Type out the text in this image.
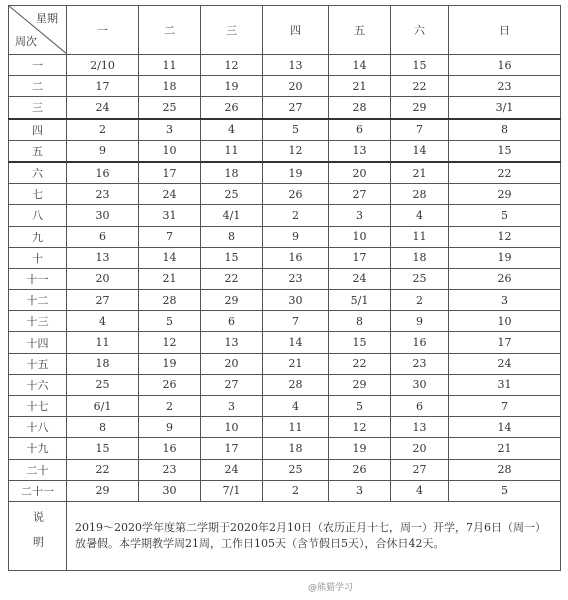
星期
周次	一	二	三	四	五	六	日
一	2/10	11	12	13	14	15	16
二	17	18	19	20	21	22	23
三	24	25	26	27	28	29	3/1
四	2	3	4	5	6	7	8
五	9	10	11	12	13	14	15
六	16	17	18	19	20	21	22
七	23	24	25	26	27	28	29
八	30	31	4/1	2	3	4	5
九	6	7	8	9	10	11	12
十	13	14	15	16	17	18	19
十一	20	21	22	23	24	25	26
十二	27	28	29	30	5/1	2	3
十三	4	5	6	7	8	9	10
十四	11	12	13	14	15	16	17
十五	18	19	20	21	22	23	24
十六	25	26	27	28	29	30	31
十七	6/1	2	3	4	5	6	7
十八	8	9	10	11	12	13	14
十九	15	16	17	18	19	20	21
二十	22	23	24	25	26	27	28
二十一	29	30	7/1	2	3	4	5
说明	2019～2020学年度第二学期于2020年2月10日（农历正月十七，周一）开学，7月6日（周一）放暑假。本学期教学周21周，工作日105天（含节假日5天），合休日42天。						
@熊猫学习
